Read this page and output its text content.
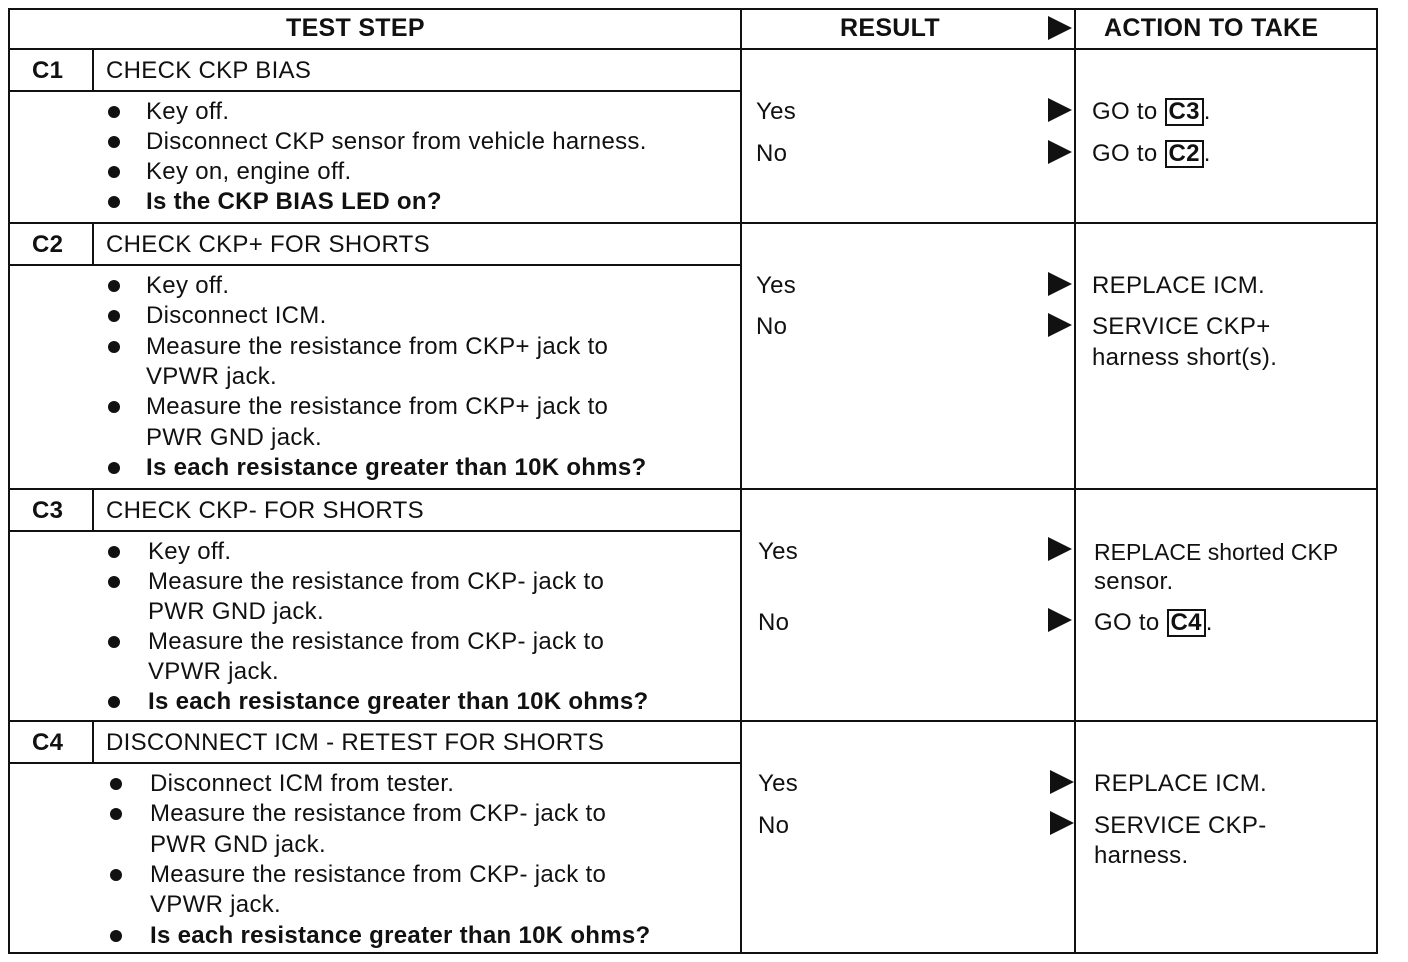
TEST STEP	RESULT	ACTION TO TAKE
C1 CHECK CKP BIAS
Key off.
Disconnect CKP sensor from vehicle harness.
Key on, engine off.
Is the CKP BIAS LED on?
Yes
No
GO to C3 .
GO to C2 .
C2 CHECK CKP+ FOR SHORTS
Key off.
Disconnect ICM.
Measure the resistance from CKP+ jack to
VPWR jack.
Measure the resistance from CKP+ jack to
PWR GND jack.
Is each resistance greater than 10K ohms?
Yes
No
REPLACE ICM.
SERVICE CKP+
harness short(s).
C3 CHECK CKP- FOR SHORTS
Key off.
Measure the resistance from CKP- jack to
PWR GND jack.
Measure the resistance from CKP- jack to
VPWR jack.
Is each resistance greater than 10K ohms?
Yes
No
REPLACE shorted CKP
sensor.
GO to C4 .
C4 DISCONNECT ICM - RETEST FOR SHORTS
Disconnect ICM from tester.
Measure the resistance from CKP- jack to
PWR GND jack.
Measure the resistance from CKP- jack to
VPWR jack.
Is each resistance greater than 10K ohms?
Yes
No
REPLACE ICM.
SERVICE CKP-
harness.
